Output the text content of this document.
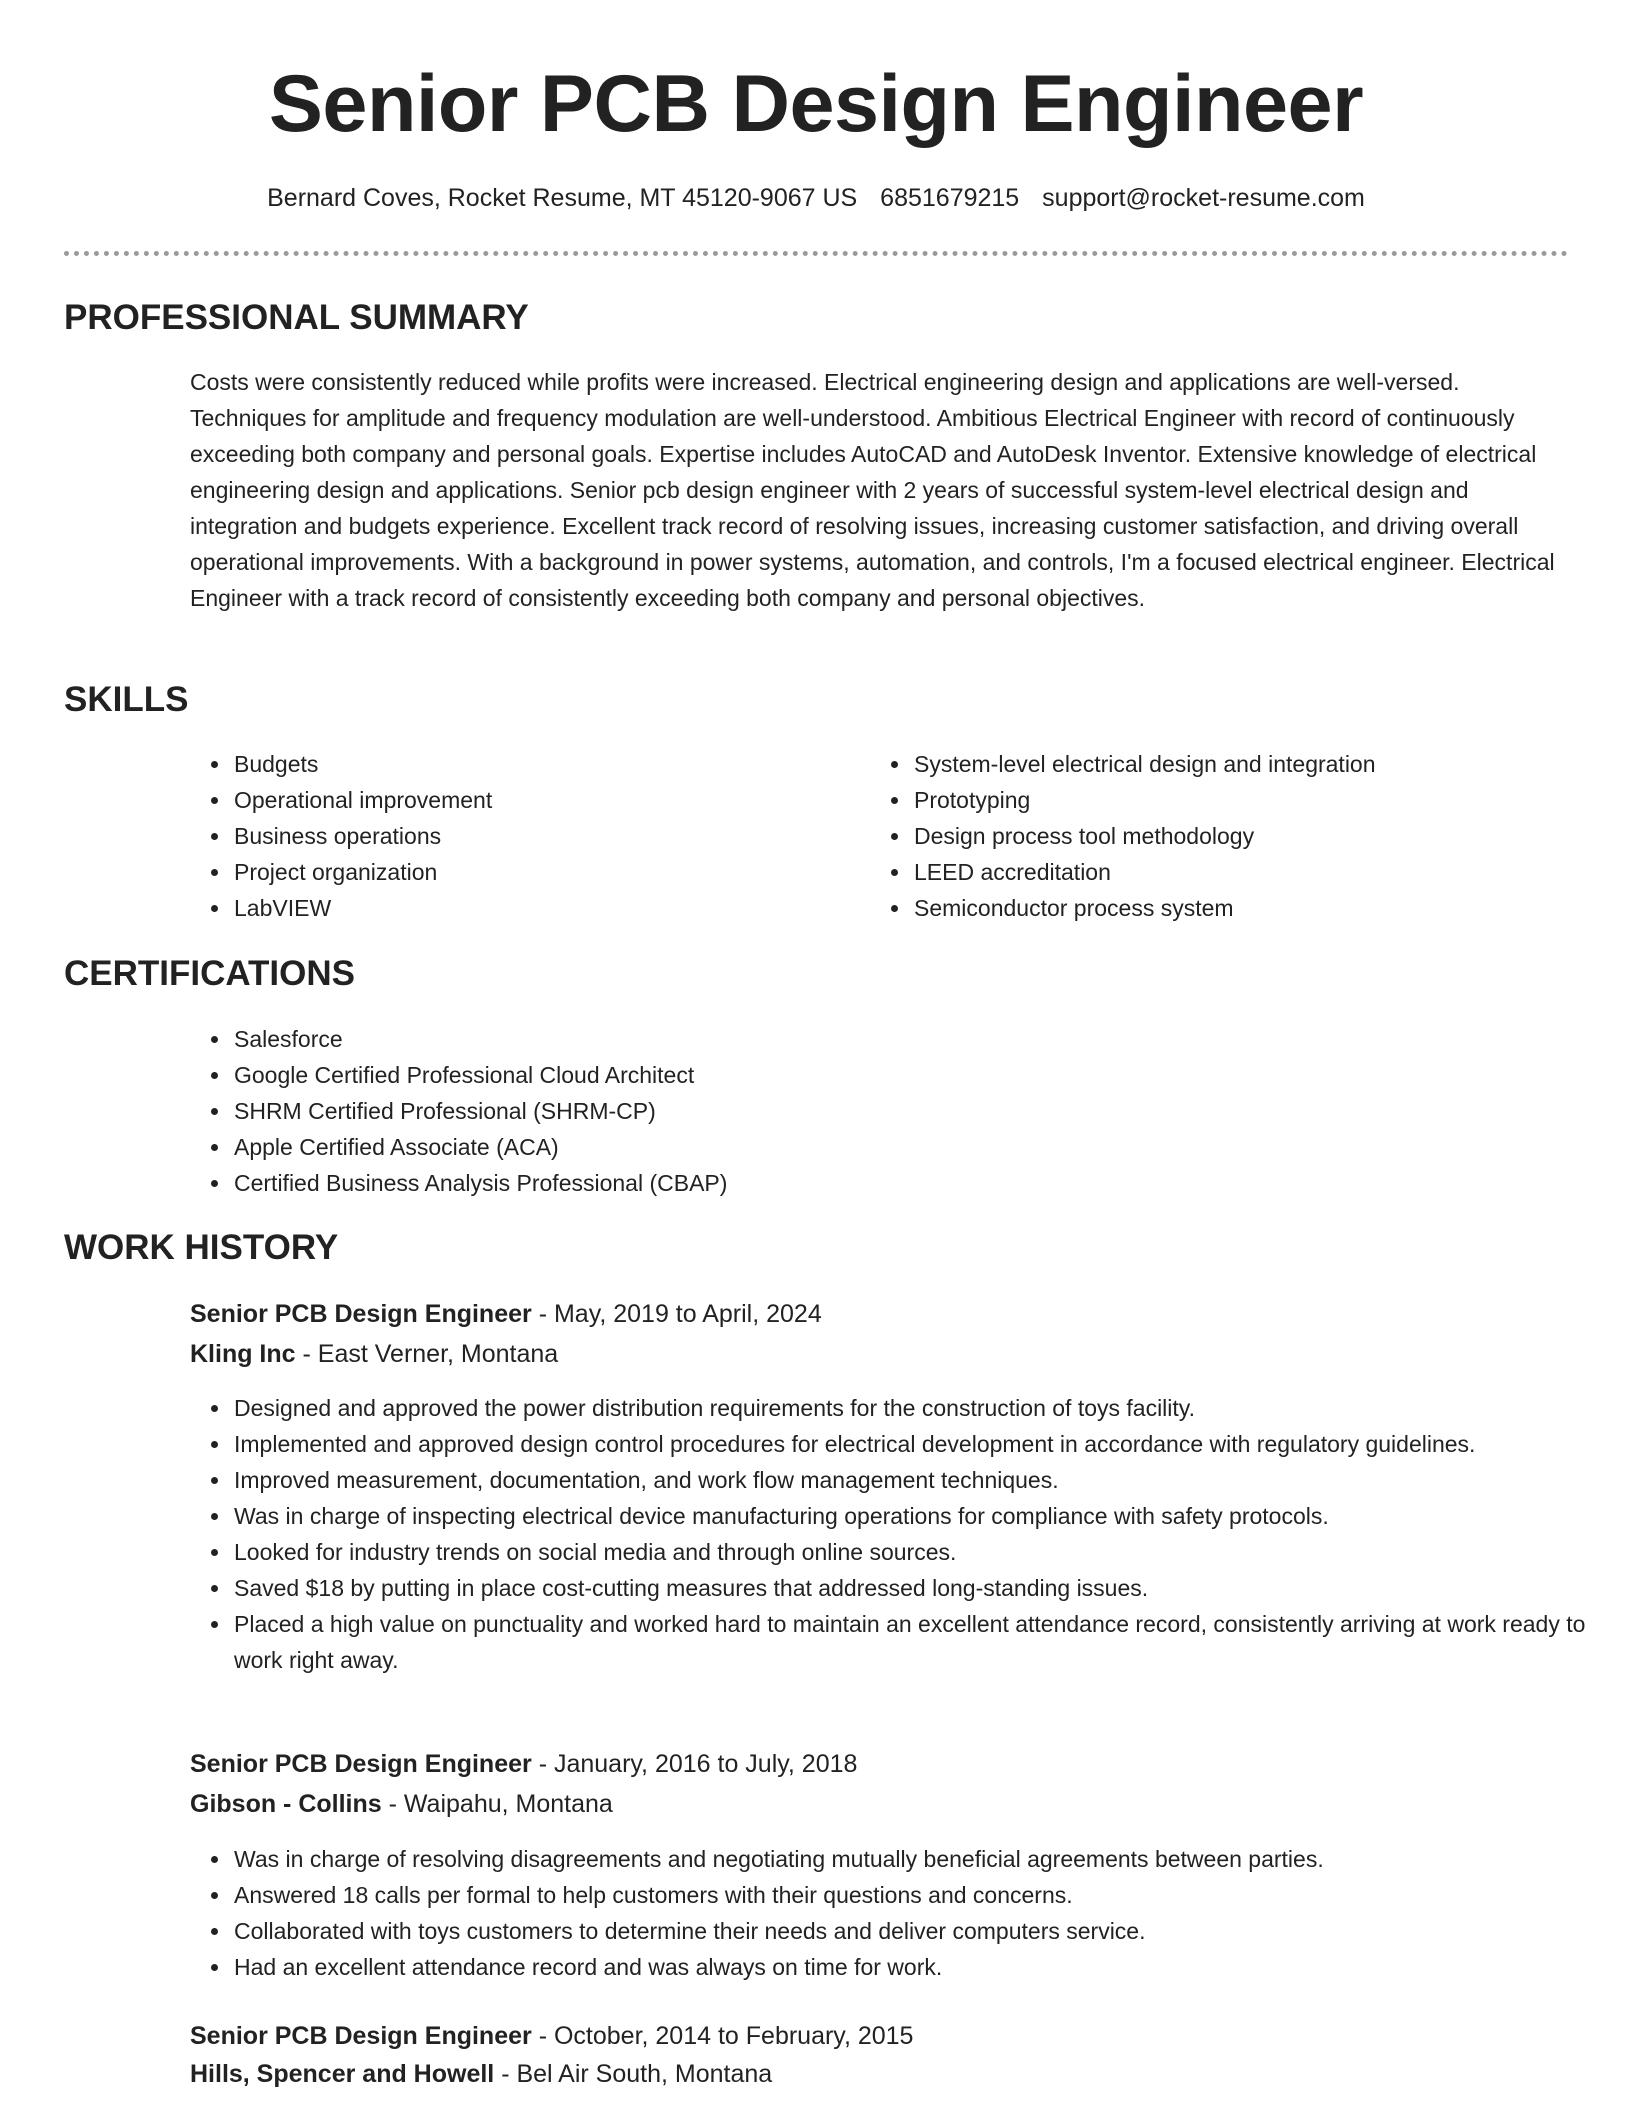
Senior PCB Design Engineer
Bernard Coves, Rocket Resume, MT 45120-9067 US 6851679215 support@rocket-resume.com
PROFESSIONAL SUMMARY

Costs were consistently reduced while profits were increased. Electrical engineering design and applications are well-versed. Techniques for amplitude and frequency modulation are well-understood. Ambitious Electrical Engineer with record of continuously exceeding both company and personal goals. Expertise includes AutoCAD and AutoDesk Inventor. Extensive knowledge of electrical engineering design and applications. Senior pcb design engineer with 2 years of successful system-level electrical design and integration and budgets experience. Excellent track record of resolving issues, increasing customer satisfaction, and driving overall operational improvements. With a background in power systems, automation, and controls, I'm a focused electrical engineer. Electrical Engineer with a track record of consistently exceeding both company and personal objectives.

SKILLS
• Budgets
• Operational improvement
• Business operations
• Project organization
• LabVIEW
• System-level electrical design and integration
• Prototyping
• Design process tool methodology
• LEED accreditation
• Semiconductor process system
CERTIFICATIONS
• Salesforce
• Google Certified Professional Cloud Architect
• SHRM Certified Professional (SHRM-CP)
• Apple Certified Associate (ACA)
• Certified Business Analysis Professional (CBAP)
WORK HISTORY
Senior PCB Design Engineer - May, 2019 to April, 2024
Kling Inc - East Verner, Montana
• Designed and approved the power distribution requirements for the construction of toys facility.
• Implemented and approved design control procedures for electrical development in accordance with regulatory guidelines.
• Improved measurement, documentation, and work flow management techniques.
• Was in charge of inspecting electrical device manufacturing operations for compliance with safety protocols.
• Looked for industry trends on social media and through online sources.
• Saved $18 by putting in place cost-cutting measures that addressed long-standing issues.
• Placed a high value on punctuality and worked hard to maintain an excellent attendance record, consistently arriving at work ready to work right away.
Senior PCB Design Engineer - January, 2016 to July, 2018
Gibson - Collins - Waipahu, Montana
• Was in charge of resolving disagreements and negotiating mutually beneficial agreements between parties.
• Answered 18 calls per formal to help customers with their questions and concerns.
• Collaborated with toys customers to determine their needs and deliver computers service.
• Had an excellent attendance record and was always on time for work.
Senior PCB Design Engineer - October, 2014 to February, 2015
Hills, Spencer and Howell - Bel Air South, Montana
